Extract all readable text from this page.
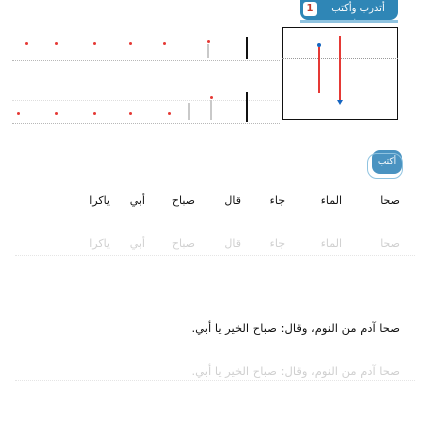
1	أتدرب وأكتب
أكتب
صحا
الماء
جاء
قال
صباح
أبي
ياكرا
صحا
الماء
جاء
قال
صباح
أبي
ياكرا
صحا آدم من النوم، وقال: صباح الخير يا أبي.
صحا آدم من النوم، وقال: صباح الخير يا أبي.
